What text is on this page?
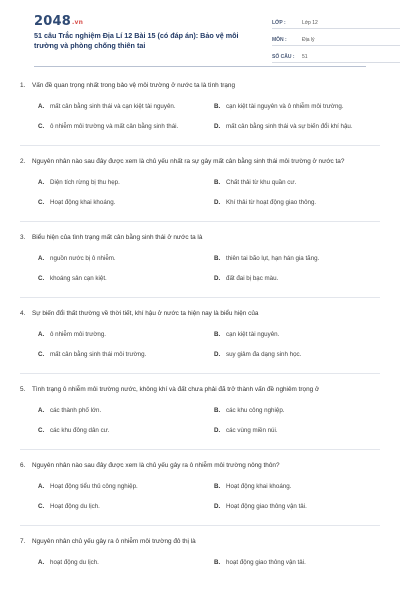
2048.vn
51 câu Trắc nghiệm Địa Lí 12 Bài 15 (có đáp án): Bảo vệ môi trường và phòng chống thiên tai
LỚP :	Lớp 12
MÔN :	Địa lý
SỐ CÂU :	51
1.	Vấn đề quan trọng nhất trong bảo vệ môi trường ở nước ta là tình trạng
A. mất cân bằng sinh thái và cạn kiệt tài nguyên.	B. cạn kiệt tài nguyên và ô nhiễm môi trường.
C. ô nhiễm môi trường và mất cân bằng sinh thái.	D. mất cân bằng sinh thái và sự biến đổi khí hậu.
2.	Nguyên nhân nào sau đây được xem là chủ yếu nhất ra sự gây mất cân bằng sinh thái môi trường ở nước ta?
A. Diện tích rừng bị thu hẹp.	B. Chất thải từ khu quần cư.
C. Hoạt động khai khoáng.	D. Khí thải từ hoạt động giao thông.
3.	Biểu hiện của tình trạng mất cân bằng sinh thái ở nước ta là
A. nguồn nước bị ô nhiễm.	B. thiên tai bão lụt, hạn hán gia tăng.
C. khoáng sản cạn kiệt.	D. đất đai bị bạc màu.
4.	Sự biến đổi thất thường về thời tiết, khí hậu ở nước ta hiện nay là biểu hiện của
A. ô nhiễm môi trường.	B. cạn kiệt tài nguyên.
C. mất cân bằng sinh thái môi trường.	D. suy giảm đa dạng sinh học.
5.	Tình trạng ô nhiễm môi trường nước, không khí và đất chưa phải đã trở thành vấn đề nghiêm trọng ở
A. các thành phố lớn.	B. các khu công nghiệp.
C. các khu đông dân cư.	D. các vùng miền núi.
6.	Nguyên nhân nào sau đây được xem là chủ yếu gây ra ô nhiễm môi trường nông thôn?
A. Hoạt động tiểu thủ công nghiệp.	B. Hoạt động khai khoáng.
C. Hoạt động du lịch.	D. Hoạt động giao thông vận tải.
7.	Nguyên nhân chủ yếu gây ra ô nhiễm môi trường đô thị là
A. hoạt động du lịch.	B. hoạt động giao thông vận tải.
